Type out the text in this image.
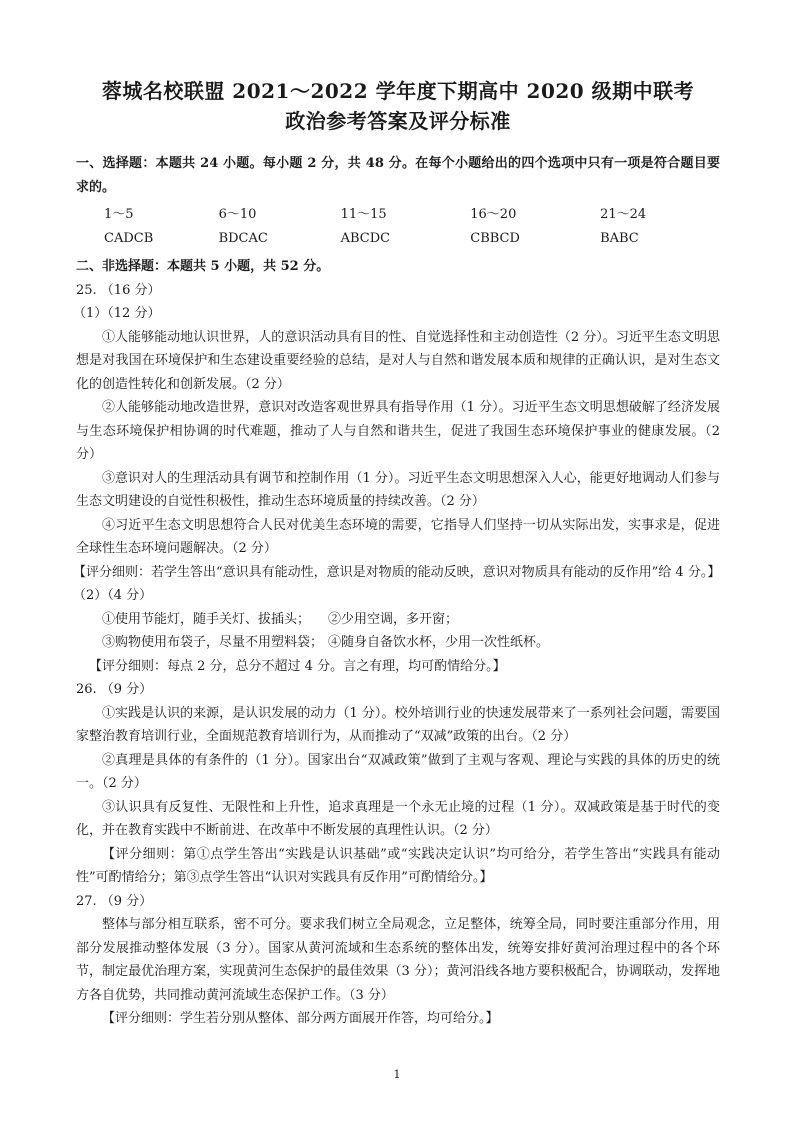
蓉城名校联盟 2021～2022 学年度下期高中 2020 级期中联考

政治参考答案及评分标准

一、选择题：本题共 24 小题。每小题 2 分，共 48 分。在每个小题给出的四个选项中只有一项是符合题目要求的。

1～5 CADCB
6～10 BDCAC
11～15 ABCDC
16～20 CBBCD
21～24 BABC

二、非选择题：本题共 5 小题，共 52 分。

25. （16 分）

（1）（12 分）

①人能够能动地认识世界，人的意识活动具有目的性、自觉选择性和主动创造性（2 分）。习近平生态文明思想是对我国在环境保护和生态建设重要经验的总结，是对人与自然和谐发展本质和规律的正确认识，是对生态文化的创造性转化和创新发展。（2 分）

②人能够能动地改造世界，意识对改造客观世界具有指导作用（1 分）。习近平生态文明思想破解了经济发展与生态环境保护相协调的时代难题，推动了人与自然和谐共生，促进了我国生态环境保护事业的健康发展。（2 分）

③意识对人的生理活动具有调节和控制作用（1 分）。习近平生态文明思想深入人心，能更好地调动人们参与生态文明建设的自觉性积极性，推动生态环境质量的持续改善。（2 分）

④习近平生态文明思想符合人民对优美生态环境的需要，它指导人们坚持一切从实际出发，实事求是，促进全球性生态环境问题解决。（2 分）

【评分细则：若学生答出“意识具有能动性，意识是对物质的能动反映，意识对物质具有能动的反作用”给 4 分。】

（2）（4 分）

①使用节能灯，随手关灯、拔插头；	②少用空调，多开窗；
③购物使用布袋子，尽量不用塑料袋； ④随身自备饮水杯，少用一次性纸杯。

【评分细则：每点 2 分，总分不超过 4 分。言之有理，均可酌情给分。】

26. （9 分）

①实践是认识的来源，是认识发展的动力（1 分）。校外培训行业的快速发展带来了一系列社会问题，需要国家整治教育培训行业，全面规范教育培训行为，从而推动了“双减”政策的出台。（2 分）

②真理是具体的有条件的（1 分）。国家出台“双减政策”做到了主观与客观、理论与实践的具体的历史的统一。（2 分）

③认识具有反复性、无限性和上升性，追求真理是一个永无止境的过程（1 分）。双减政策是基于时代的变化，并在教育实践中不断前进、在改革中不断发展的真理性认识。（2 分）

【评分细则：第①点学生答出“实践是认识基础”或“实践决定认识”均可给分，若学生答出“实践具有能动性”可酌情给分；第③点学生答出“认识对实践具有反作用”可酌情给分。】

27. （9 分）

整体与部分相互联系，密不可分。要求我们树立全局观念，立足整体，统筹全局，同时要注重部分作用，用部分发展推动整体发展（3 分）。国家从黄河流域和生态系统的整体出发，统筹安排好黄河治理过程中的各个环节，制定最优治理方案，实现黄河生态保护的最佳效果（3 分）；黄河沿线各地方要积极配合，协调联动，发挥地方各自优势，共同推动黄河流域生态保护工作。（3 分）

【评分细则：学生若分别从整体、部分两方面展开作答，均可给分。】

1
